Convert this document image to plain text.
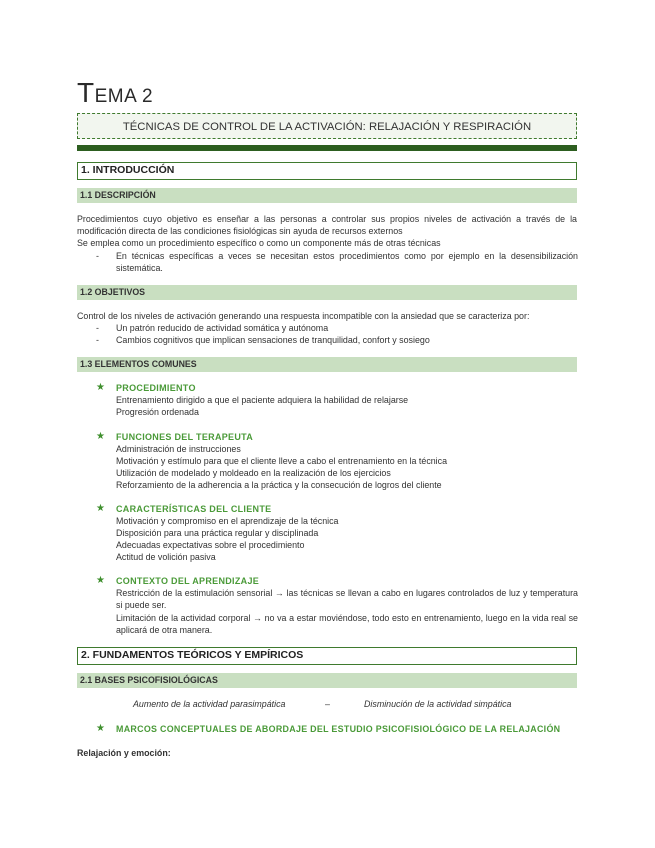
TEMA 2
TÉCNICAS DE CONTROL DE LA ACTIVACIÓN: RELAJACIÓN Y RESPIRACIÓN
1. INTRODUCCIÓN
1.1 DESCRIPCIÓN
Procedimientos cuyo objetivo es enseñar a las personas a controlar sus propios niveles de activación a través de la modificación directa de las condiciones fisiológicas sin ayuda de recursos externos
Se emplea como un procedimiento específico o como un componente más de otras técnicas
- En técnicas específicas a veces se necesitan estos procedimientos como por ejemplo en la desensibilización sistemática.
1.2 OBJETIVOS
Control de los niveles de activación generando una respuesta incompatible con la ansiedad que se caracteriza por:
- Un patrón reducido de actividad somática y autónoma
- Cambios cognitivos que implican sensaciones de tranquilidad, confort y sosiego
1.3 ELEMENTOS COMUNES
★ PROCEDIMIENTO
Entrenamiento dirigido a que el paciente adquiera la habilidad de relajarse
Progresión ordenada
★ FUNCIONES DEL TERAPEUTA
Administración de instrucciones
Motivación y estímulo para que el cliente lleve a cabo el entrenamiento en la técnica
Utilización de modelado y moldeado en la realización de los ejercicios
Reforzamiento de la adherencia a la práctica y la consecución de logros del cliente
★ CARACTERÍSTICAS DEL CLIENTE
Motivación y compromiso en el aprendizaje de la técnica
Disposición para una práctica regular y disciplinada
Adecuadas expectativas sobre el procedimiento
Actitud de volición pasiva
★ CONTEXTO DEL APRENDIZAJE
Restricción de la estimulación sensorial → las técnicas se llevan a cabo en lugares controlados de luz y temperatura si puede ser.
Limitación de la actividad corporal → no va a estar moviéndose, todo esto en entrenamiento, luego en la vida real se aplicará de otra manera.
2. FUNDAMENTOS TEÓRICOS Y EMPÍRICOS
2.1 BASES PSICOFISIOLÓGICAS
Aumento de la actividad parasimpática	–	Disminución de la actividad simpática
★ MARCOS CONCEPTUALES DE ABORDAJE DEL ESTUDIO PSICOFISIOLÓGICO DE LA RELAJACIÓN
Relajación y emoción:
